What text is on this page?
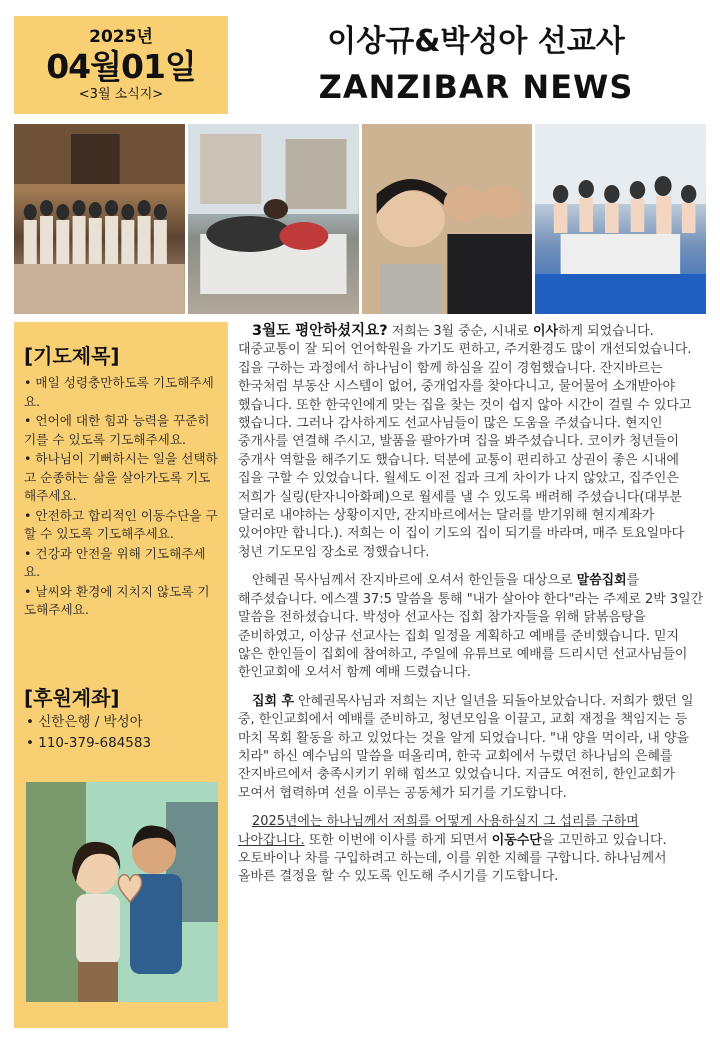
2025년
04월01일
<3월 소식지>
이상규&박성아 선교사
ZANZIBAR NEWS
[기도제목]
• 매일 성령충만하도록 기도해주세요.
• 언어에 대한 힘과 능력을 꾸준히 기를 수 있도록 기도해주세요.
• 하나님이 기뻐하시는 일을 선택하고 순종하는 삶을 살아가도록 기도해주세요.
• 안전하고 합리적인 이동수단을 구할 수 있도록 기도해주세요.
• 건강과 안전을 위해 기도해주세요.
• 날씨와 환경에 지치지 않도록 기도해주세요.
[후원계좌]
• 신한은행 / 박성아
• 110-379-684583

3월도 평안하셨지요? 저희는 3월 중순, 시내로 이사하게 되었습니다. 대중교통이 잘 되어 언어학원을 가기도 편하고, 주거환경도 많이 개선되었습니다. 집을 구하는 과정에서 하나님이 함께 하심을 깊이 경험했습니다. 잔지바르는 한국처럼 부동산 시스템이 없어, 중개업자를 찾아다니고, 물어물어 소개받아야 했습니다. 또한 한국인에게 맞는 집을 찾는 것이 쉽지 않아 시간이 걸릴 수 있다고 했습니다. 그러나 감사하게도 선교사님들이 많은 도움을 주셨습니다. 현지인 중개사를 연결해 주시고, 발품을 팔아가며 집을 봐주셨습니다. 코이카 청년들이 중개사 역할을 해주기도 했습니다. 덕분에 교통이 편리하고 상권이 좋은 시내에 집을 구할 수 있었습니다. 월세도 이전 집과 크게 차이가 나지 않았고, 집주인은 저희가 실링(탄자니아화폐)으로 월세를 낼 수 있도록 배려해 주셨습니다(대부분 달러로 내야하는 상황이지만, 잔지바르에서는 달러를 받기위해 현지계좌가 있어야만 합니다.). 저희는 이 집이 기도의 집이 되기를 바라며, 매주 토요일마다 청년 기도모임 장소로 정했습니다.

안혜권 목사님께서 잔지바르에 오셔서 한인들을 대상으로 말씀집회를 해주셨습니다. 에스겔 37:5 말씀을 통해 "내가 살아야 한다"라는 주제로 2박 3일간 말씀을 전하셨습니다. 박성아 선교사는 집회 참가자들을 위해 닭볶음탕을 준비하였고, 이상규 선교사는 집회 일정을 계획하고 예배를 준비했습니다. 믿지 않은 한인들이 집회에 참여하고, 주일에 유튜브로 예배를 드리시던 선교사님들이 한인교회에 오셔서 함께 예배 드렸습니다.

집회 후 안혜권목사님과 저희는 지난 일년을 되돌아보았습니다. 저희가 했던 일 중, 한인교회에서 예배를 준비하고, 청년모임을 이끌고, 교회 재정을 책임지는 등 마치 목회 활동을 하고 있었다는 것을 알게 되었습니다. "내 양을 먹이라, 내 양을 치라" 하신 예수님의 말씀을 떠올리며, 한국 교회에서 누렸던 하나님의 은혜를 잔지바르에서 충족시키기 위해 힘쓰고 있었습니다. 지금도 여전히, 한인교회가 모여서 협력하며 선을 이루는 공동체가 되기를 기도합니다.

2025년에는 하나님께서 저희를 어떻게 사용하실지 그 섭리를 구하며 나아갑니다. 또한 이번에 이사를 하게 되면서 이동수단을 고민하고 있습니다. 오토바이나 차를 구입하려고 하는데, 이를 위한 지혜를 구합니다. 하나님께서 올바른 결정을 할 수 있도록 인도해 주시기를 기도합니다.
